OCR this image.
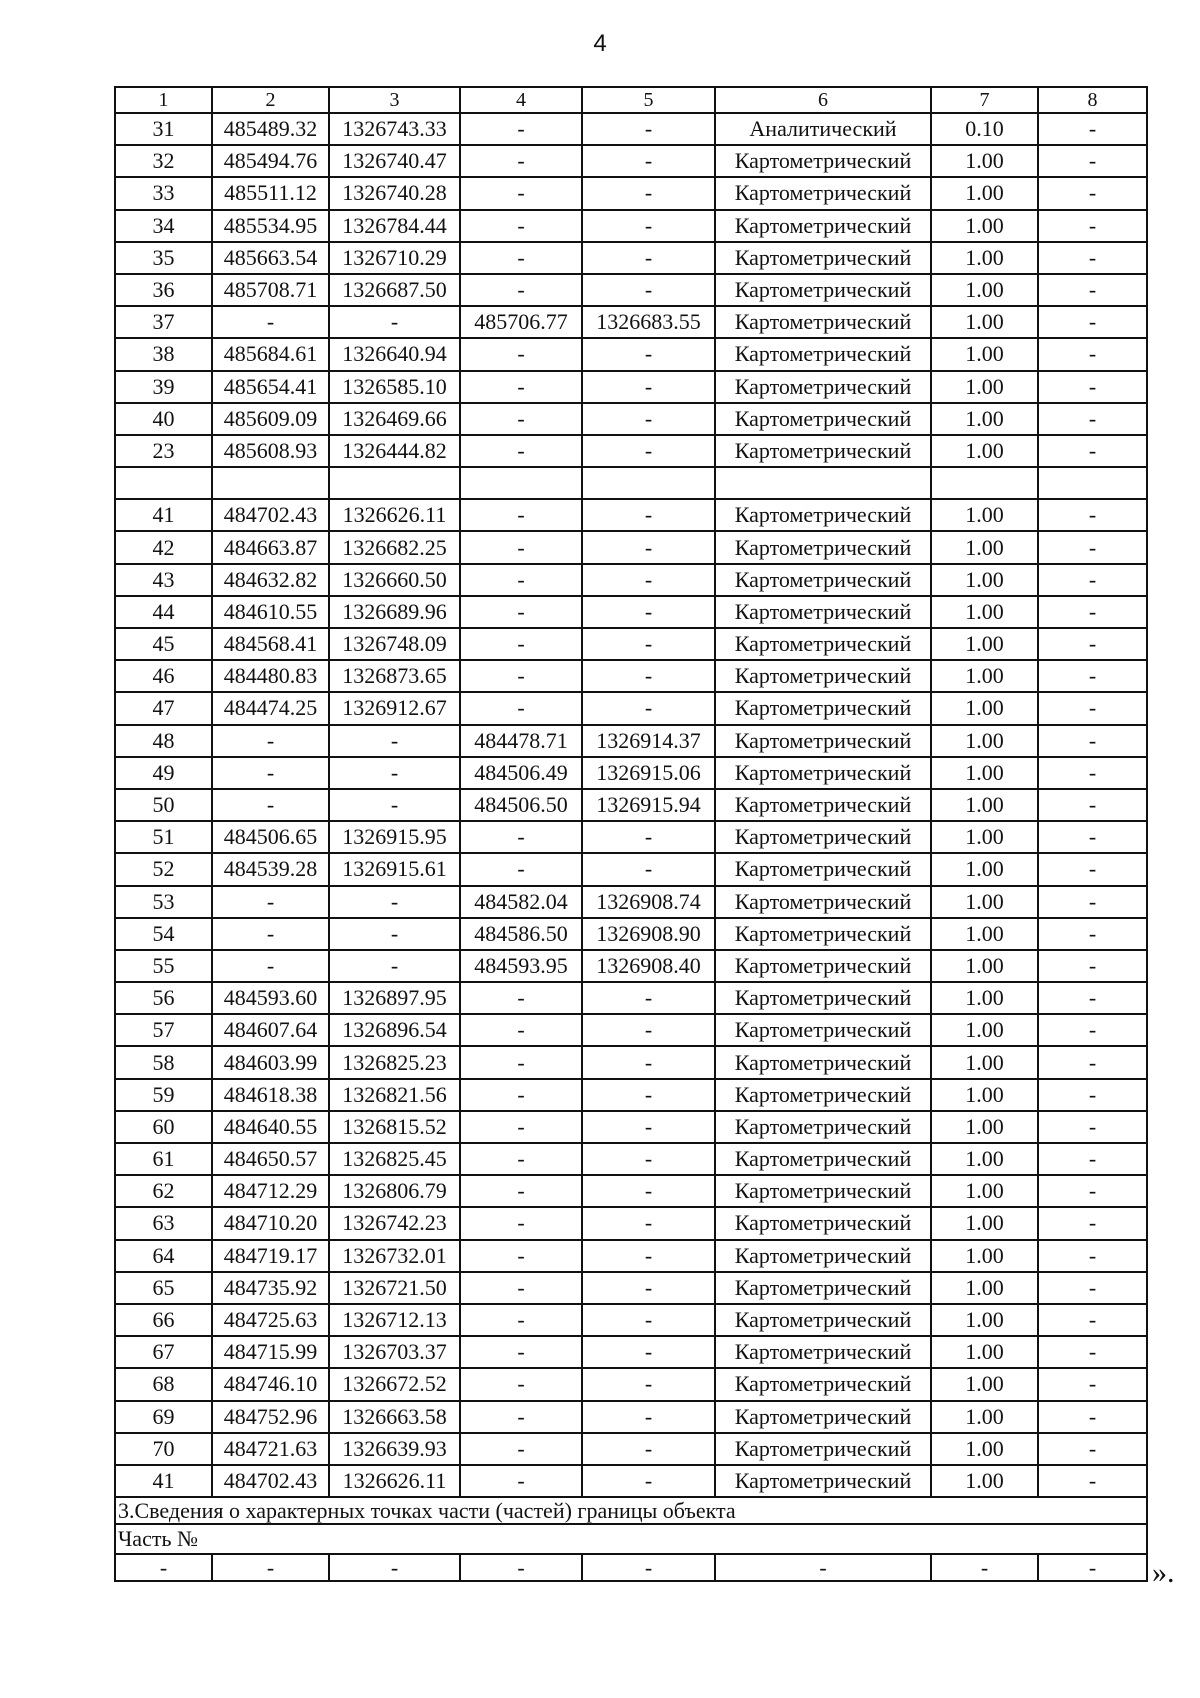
4
1	2	3	4	5	6	7	8
31	485489.32	1326743.33	-	-	Аналитический	0.10	-
32	485494.76	1326740.47	-	-	Картометрический	1.00	-
33	485511.12	1326740.28	-	-	Картометрический	1.00	-
34	485534.95	1326784.44	-	-	Картометрический	1.00	-
35	485663.54	1326710.29	-	-	Картометрический	1.00	-
36	485708.71	1326687.50	-	-	Картометрический	1.00	-
37	-	-	485706.77	1326683.55	Картометрический	1.00	-
38	485684.61	1326640.94	-	-	Картометрический	1.00	-
39	485654.41	1326585.10	-	-	Картометрический	1.00	-
40	485609.09	1326469.66	-	-	Картометрический	1.00	-
23	485608.93	1326444.82	-	-	Картометрический	1.00	-

41	484702.43	1326626.11	-	-	Картометрический	1.00	-
42	484663.87	1326682.25	-	-	Картометрический	1.00	-
43	484632.82	1326660.50	-	-	Картометрический	1.00	-
44	484610.55	1326689.96	-	-	Картометрический	1.00	-
45	484568.41	1326748.09	-	-	Картометрический	1.00	-
46	484480.83	1326873.65	-	-	Картометрический	1.00	-
47	484474.25	1326912.67	-	-	Картометрический	1.00	-
48	-	-	484478.71	1326914.37	Картометрический	1.00	-
49	-	-	484506.49	1326915.06	Картометрический	1.00	-
50	-	-	484506.50	1326915.94	Картометрический	1.00	-
51	484506.65	1326915.95	-	-	Картометрический	1.00	-
52	484539.28	1326915.61	-	-	Картометрический	1.00	-
53	-	-	484582.04	1326908.74	Картометрический	1.00	-
54	-	-	484586.50	1326908.90	Картометрический	1.00	-
55	-	-	484593.95	1326908.40	Картометрический	1.00	-
56	484593.60	1326897.95	-	-	Картометрический	1.00	-
57	484607.64	1326896.54	-	-	Картометрический	1.00	-
58	484603.99	1326825.23	-	-	Картометрический	1.00	-
59	484618.38	1326821.56	-	-	Картометрический	1.00	-
60	484640.55	1326815.52	-	-	Картометрический	1.00	-
61	484650.57	1326825.45	-	-	Картометрический	1.00	-
62	484712.29	1326806.79	-	-	Картометрический	1.00	-
63	484710.20	1326742.23	-	-	Картометрический	1.00	-
64	484719.17	1326732.01	-	-	Картометрический	1.00	-
65	484735.92	1326721.50	-	-	Картометрический	1.00	-
66	484725.63	1326712.13	-	-	Картометрический	1.00	-
67	484715.99	1326703.37	-	-	Картометрический	1.00	-
68	484746.10	1326672.52	-	-	Картометрический	1.00	-
69	484752.96	1326663.58	-	-	Картометрический	1.00	-
70	484721.63	1326639.93	-	-	Картометрический	1.00	-
41	484702.43	1326626.11	-	-	Картометрический	1.00	-
3.Сведения о характерных точках части (частей) границы объекта							
Часть №							
-	-	-	-	-	-	-	- ».
